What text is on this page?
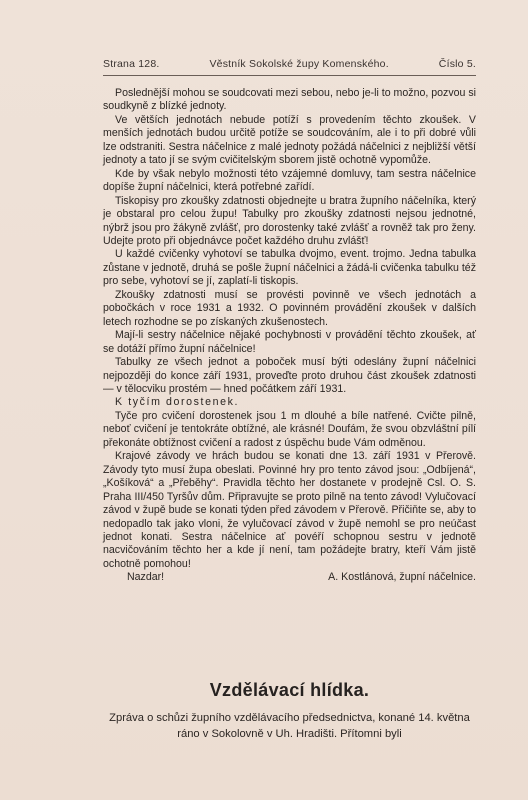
Strana 128.	Věstník Sokolské župy Komenského.	Číslo 5.

Poslednější mohou se soudcovati mezi sebou, nebo je-li to možno, pozvou si soudkyně z blízké jednoty.

Ve větších jednotách nebude potíží s provedením těchto zkoušek. V menších jednotách budou určitě potíže se soudcováním, ale i to při dobré vůli lze odstraniti. Sestra náčelnice z malé jednoty požádá náčelnici z nejbližší větší jednoty a tato jí se svým cvičitelským sborem jistě ochotně vypomůže.

Kde by však nebylo možnosti této vzájemné domluvy, tam sestra náčelnice dopíše župní náčelnici, která potřebné zařídí.

Tiskopisy pro zkoušky zdatnosti objednejte u bratra župního náčelníka, který je obstaral pro celou župu! Tabulky pro zkoušky zdatnosti nejsou jednotné, nýbrž jsou pro žákyně zvlášť, pro dorostenky také zvlášť a rovněž tak pro ženy. Udejte proto při objednávce počet každého druhu zvlášť!

U každé cvičenky vyhotoví se tabulka dvojmo, event. trojmo. Jedna tabulka zůstane v jednotě, druhá se pošle župní náčelnici a žádá-li cvičenka tabulku též pro sebe, vyhotoví se jí, zaplatí-li tiskopis.

Zkoušky zdatnosti musí se provésti povinně ve všech jednotách a pobočkách v roce 1931 a 1932. O povinném provádění zkoušek v dalších letech rozhodne se po získaných zkušenostech.

Mají-li sestry náčelnice nějaké pochybnosti v provádění těchto zkoušek, ať se dotáží přímo župní náčelnice!

Tabulky ze všech jednot a poboček musí býti odeslány župní náčelnici nejpozději do konce září 1931, proveďte proto druhou část zkoušek zdatnosti — v tělocviku prostém — hned počátkem září 1931.

K tyčím dorostenek.

Tyče pro cvičení dorostenek jsou 1 m dlouhé a bíle natřené. Cvičte pilně, neboť cvičení je tentokráte obtížné, ale krásné! Doufám, že svou obzvláštní pílí překonáte obtížnost cvičení a radost z úspěchu bude Vám odměnou.

Krajové závody ve hrách budou se konati dne 13. září 1931 v Přerově. Závody tyto musí župa obeslati. Povinné hry pro tento závod jsou: „Odbíjená“, „Košíková“ a „Přeběhy“. Pravidla těchto her dostanete v prodejně Csl. O. S. Praha III/450 Tyršův dům. Připravujte se proto pilně na tento závod! Vylučovací závod v župě bude se konati týden před závodem v Přerově. Přičiňte se, aby to nedopadlo tak jako vloni, že vylučovací závod v župě nemohl se pro neúčast jednot konati. Sestra náčelnice ať povéří schopnou sestru v jednotě nacvičováním těchto her a kde jí není, tam požádejte bratry, kteří Vám jistě ochotně pomohou!

Nazdar!	A. Kostlánová, župní náčelnice.

Vzdělávací hlídka.
Zpráva o schůzi župního vzdělávacího předsednictva, konané 14. května ráno v Sokolovně v Uh. Hradišti. Přítomni byli
